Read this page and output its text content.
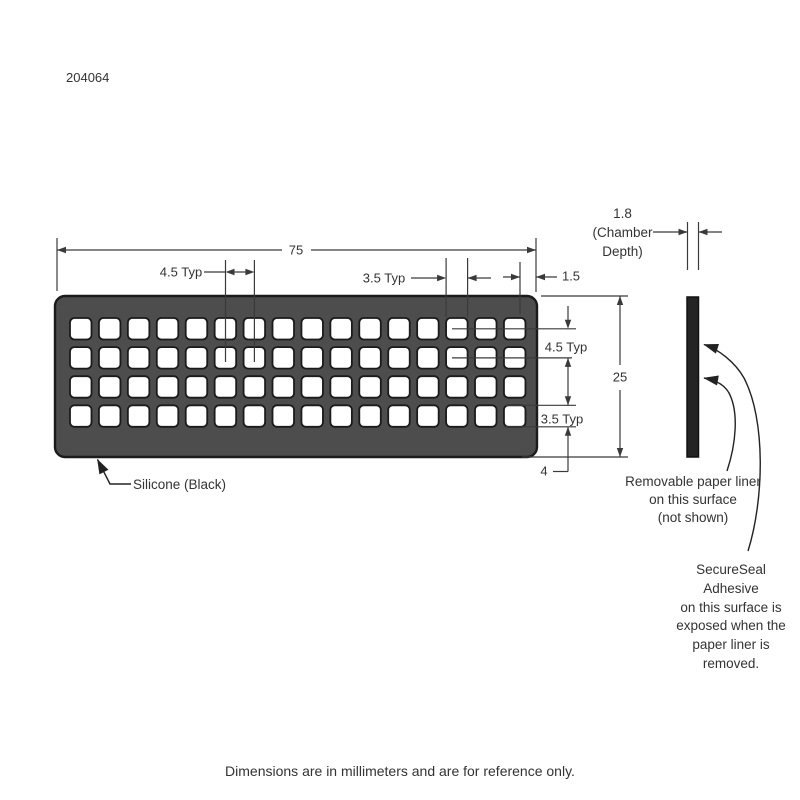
204064
75
4.5 Typ	3.5 Typ	1.5
25
4.5 Typ
3.5 Typ
4
Silicone (Black)
1.8
(Chamber
Depth)
Removable paper liner
on this surface
(not shown)
SecureSeal
Adhesive
on this surface is
exposed when the
paper liner is
removed.
Dimensions are in millimeters and are for reference only.
